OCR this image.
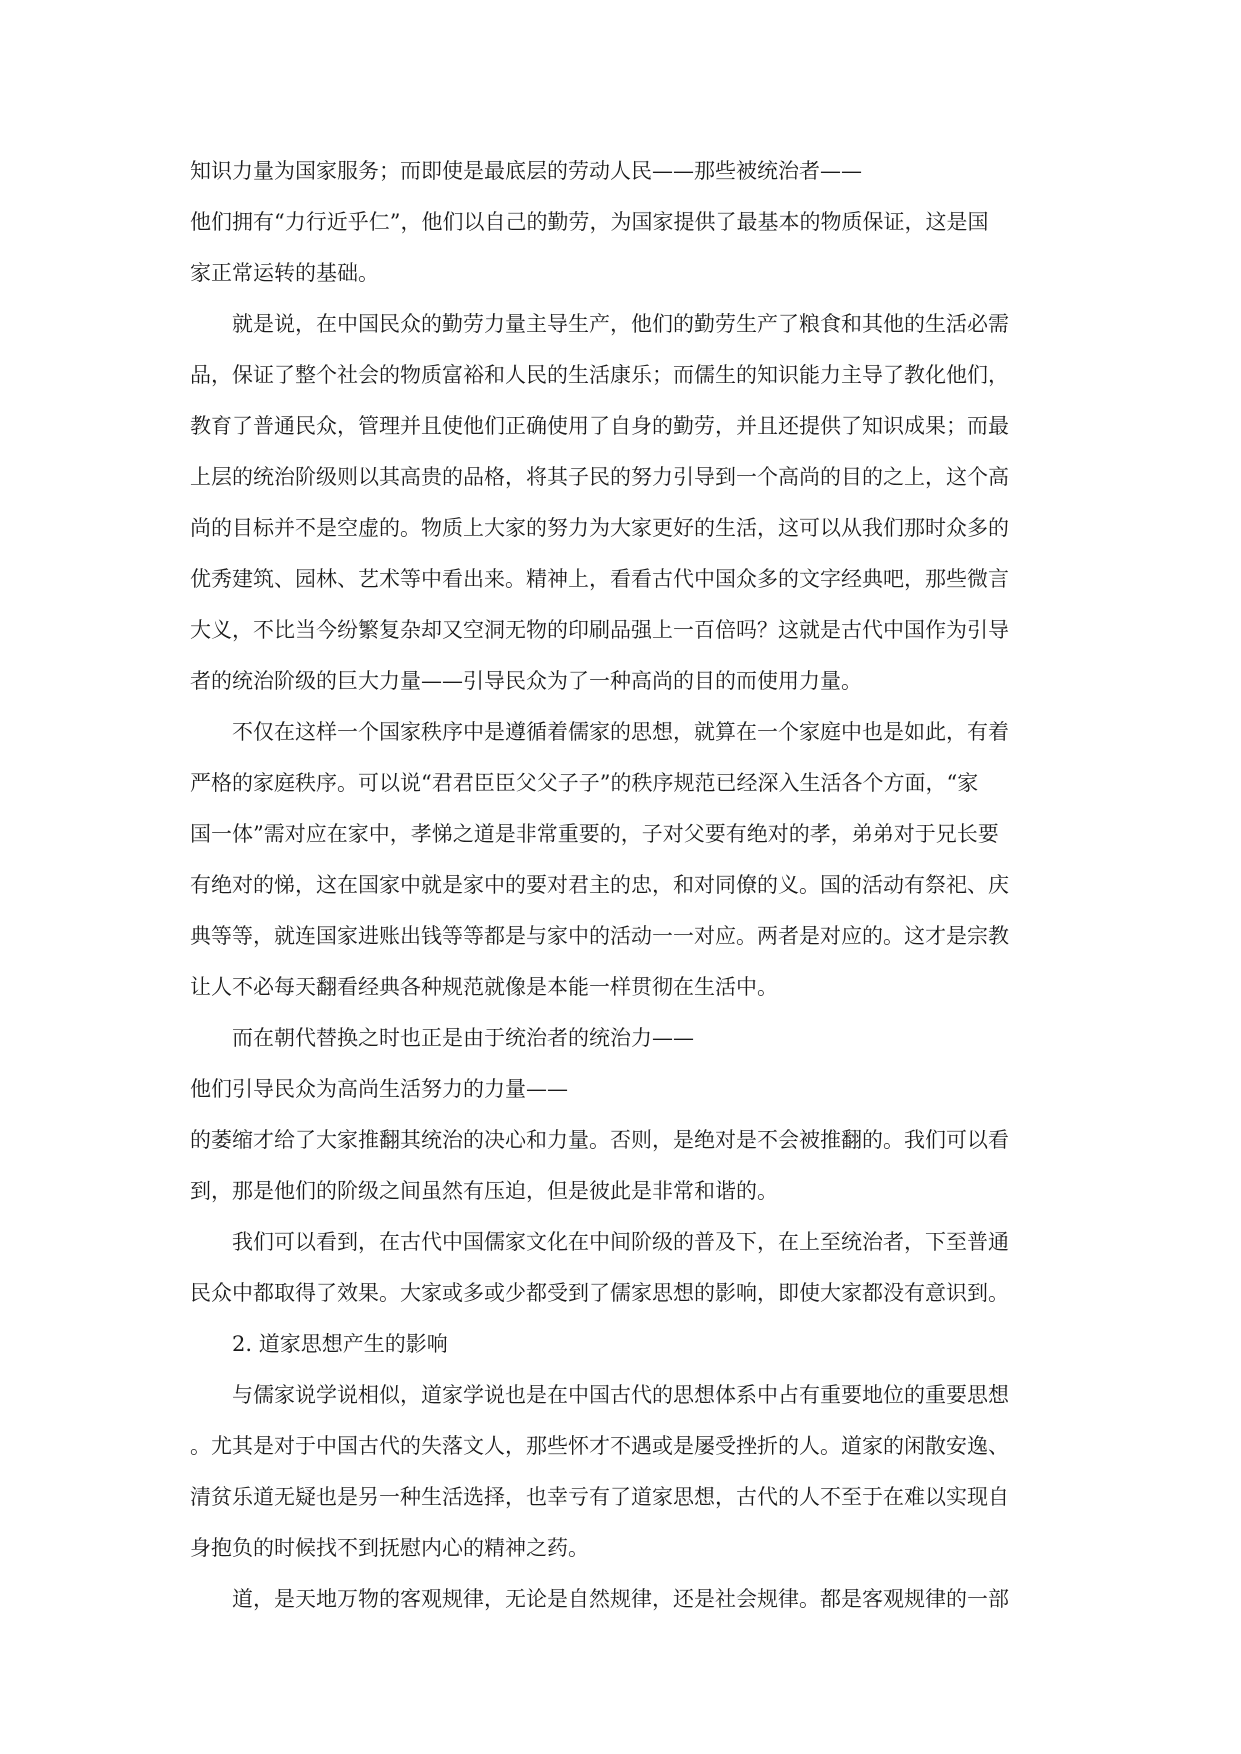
知识力量为国家服务；而即使是最底层的劳动人民——那些被统治者——
他们拥有“力行近乎仁”，他们以自己的勤劳，为国家提供了最基本的物质保证，这是国
家正常运转的基础。
就是说，在中国民众的勤劳力量主导生产，他们的勤劳生产了粮食和其他的生活必需
品，保证了整个社会的物质富裕和人民的生活康乐；而儒生的知识能力主导了教化他们，
教育了普通民众，管理并且使他们正确使用了自身的勤劳，并且还提供了知识成果；而最
上层的统治阶级则以其高贵的品格，将其子民的努力引导到一个高尚的目的之上，这个高
尚的目标并不是空虚的。物质上大家的努力为大家更好的生活，这可以从我们那时众多的
优秀建筑、园林、艺术等中看出来。精神上，看看古代中国众多的文字经典吧，那些微言
大义，不比当今纷繁复杂却又空洞无物的印刷品强上一百倍吗？这就是古代中国作为引导
者的统治阶级的巨大力量——引导民众为了一种高尚的目的而使用力量。
不仅在这样一个国家秩序中是遵循着儒家的思想，就算在一个家庭中也是如此，有着
严格的家庭秩序。可以说“君君臣臣父父子子”的秩序规范已经深入生活各个方面，“家
国一体”需对应在家中，孝悌之道是非常重要的，子对父要有绝对的孝，弟弟对于兄长要
有绝对的悌，这在国家中就是家中的要对君主的忠，和对同僚的义。国的活动有祭祀、庆
典等等，就连国家进账出钱等等都是与家中的活动一一对应。两者是对应的。这才是宗教
让人不必每天翻看经典各种规范就像是本能一样贯彻在生活中。
而在朝代替换之时也正是由于统治者的统治力——
他们引导民众为高尚生活努力的力量——
的萎缩才给了大家推翻其统治的决心和力量。否则，是绝对是不会被推翻的。我们可以看
到，那是他们的阶级之间虽然有压迫，但是彼此是非常和谐的。
我们可以看到，在古代中国儒家文化在中间阶级的普及下，在上至统治者，下至普通
民众中都取得了效果。大家或多或少都受到了儒家思想的影响，即使大家都没有意识到。
2. 道家思想产生的影响
与儒家说学说相似，道家学说也是在中国古代的思想体系中占有重要地位的重要思想
。尤其是对于中国古代的失落文人，那些怀才不遇或是屡受挫折的人。道家的闲散安逸、
清贫乐道无疑也是另一种生活选择，也幸亏有了道家思想，古代的人不至于在难以实现自
身抱负的时候找不到抚慰内心的精神之药。
道，是天地万物的客观规律，无论是自然规律，还是社会规律。都是客观规律的一部
